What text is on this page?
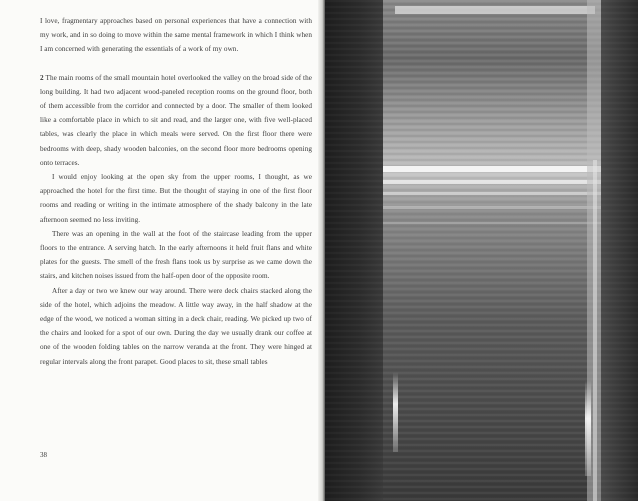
I love, fragmentary approaches based on personal experiences that have a connection with my work, and in so doing to move within the same mental framework in which I think when I am concerned with generating the essentials of a work of my own.

2 The main rooms of the small mountain hotel overlooked the valley on the broad side of the long building. It had two adjacent wood-paneled reception rooms on the ground floor, both of them accessible from the corridor and connected by a door. The smaller of them looked like a comfortable place in which to sit and read, and the larger one, with five well-placed tables, was clearly the place in which meals were served. On the first floor there were bedrooms with deep, shady wooden balconies, on the second floor more bedrooms opening onto terraces.

I would enjoy looking at the open sky from the upper rooms, I thought, as we approached the hotel for the first time. But the thought of staying in one of the first floor rooms and reading or writing in the intimate atmosphere of the shady balcony in the late afternoon seemed no less inviting.

There was an opening in the wall at the foot of the staircase leading from the upper floors to the entrance. A serving hatch. In the early afternoons it held fruit flans and white plates for the guests. The smell of the fresh flans took us by surprise as we came down the stairs, and kitchen noises issued from the half-open door of the opposite room.

After a day or two we knew our way around. There were deck chairs stacked along the side of the hotel, which adjoins the meadow. A little way away, in the half shadow at the edge of the wood, we noticed a woman sitting in a deck chair, reading. We picked up two of the chairs and looked for a spot of our own. During the day we usually drank our coffee at one of the wooden folding tables on the narrow veranda at the front. They were hinged at regular intervals along the front parapet. Good places to sit, these small tables

38
